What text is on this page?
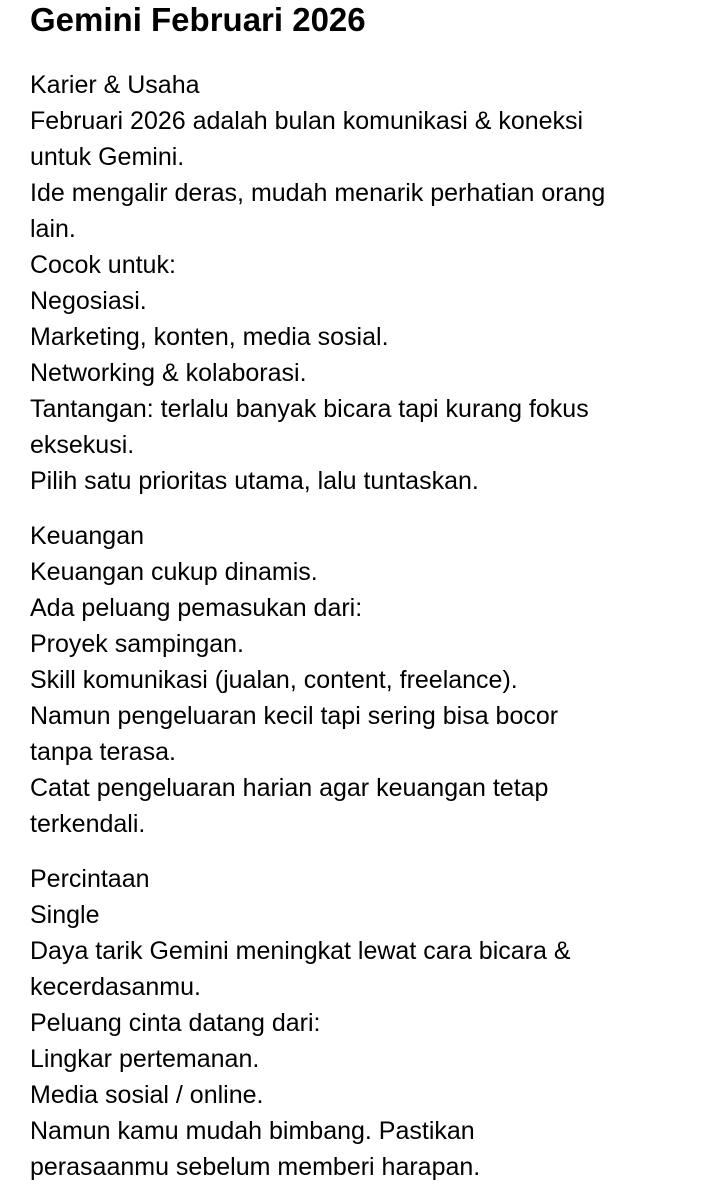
Gemini Februari 2026
Karier & Usaha
Februari 2026 adalah bulan komunikasi & koneksi
untuk Gemini.
Ide mengalir deras, mudah menarik perhatian orang
lain.
Cocok untuk:
Negosiasi.
Marketing, konten, media sosial.
Networking & kolaborasi.
Tantangan: terlalu banyak bicara tapi kurang fokus
eksekusi.
Pilih satu prioritas utama, lalu tuntaskan.
Keuangan
Keuangan cukup dinamis.
Ada peluang pemasukan dari:
Proyek sampingan.
Skill komunikasi (jualan, content, freelance).
Namun pengeluaran kecil tapi sering bisa bocor
tanpa terasa.
Catat pengeluaran harian agar keuangan tetap
terkendali.
Percintaan
Single
Daya tarik Gemini meningkat lewat cara bicara &
kecerdasanmu.
Peluang cinta datang dari:
Lingkar pertemanan.
Media sosial / online.
Namun kamu mudah bimbang. Pastikan
perasaanmu sebelum memberi harapan.
